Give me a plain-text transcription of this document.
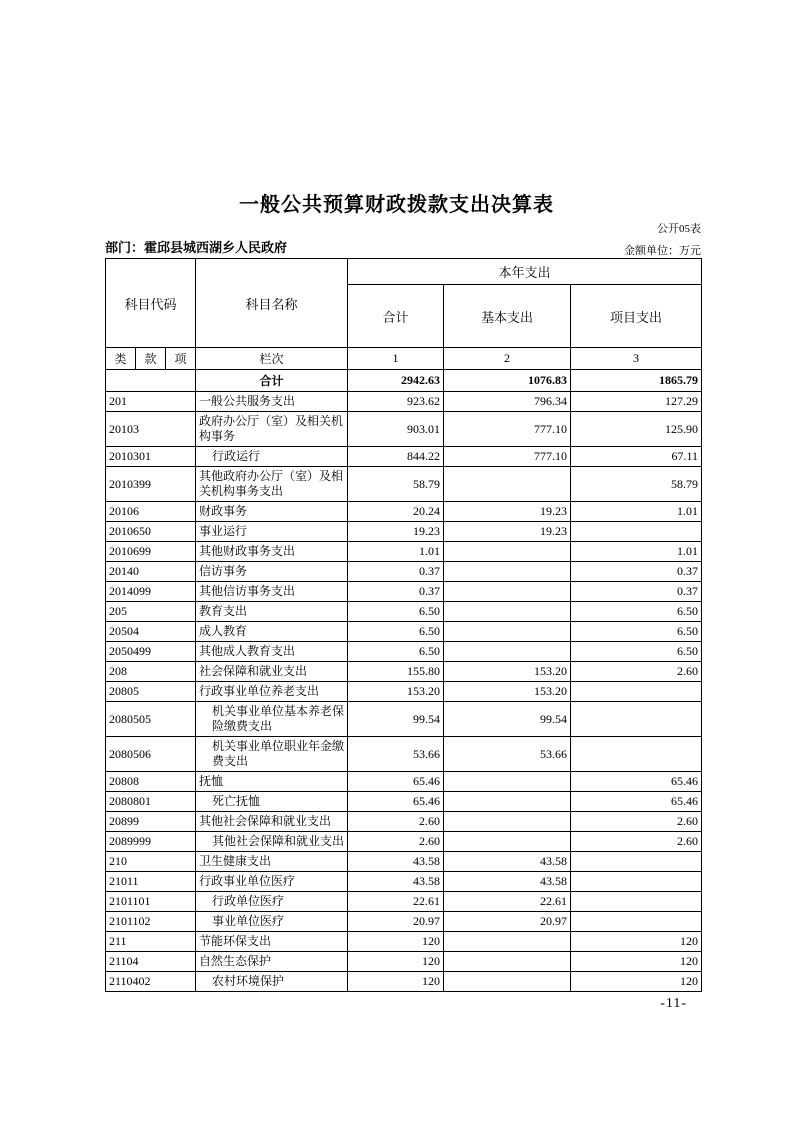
一般公共预算财政拨款支出决算表
公开05表
部门：霍邱县城西湖乡人民政府	金额单位：万元
科目代码			科目名称	本年支出		
				合计	基本支出	项目支出
类	款	项	栏次	1	2	3
			合计	2942.63	1076.83	1865.79
201			一般公共服务支出	923.62	796.34	127.29
20103			政府办公厅（室）及相关机构事务	903.01	777.10	125.90
2010301			行政运行	844.22	777.10	67.11
2010399			其他政府办公厅（室）及相关机构事务支出	58.79		58.79
20106			财政事务	20.24	19.23	1.01
2010650			事业运行	19.23	19.23	
2010699			其他财政事务支出	1.01		1.01
20140			信访事务	0.37		0.37
2014099			其他信访事务支出	0.37		0.37
205			教育支出	6.50		6.50
20504			成人教育	6.50		6.50
2050499			其他成人教育支出	6.50		6.50
208			社会保障和就业支出	155.80	153.20	2.60
20805			行政事业单位养老支出	153.20	153.20	
2080505			机关事业单位基本养老保险缴费支出	99.54	99.54	
2080506			机关事业单位职业年金缴费支出	53.66	53.66	
20808			抚恤	65.46		65.46
2080801			死亡抚恤	65.46		65.46
20899			其他社会保障和就业支出	2.60		2.60
2089999			其他社会保障和就业支出	2.60		2.60
210			卫生健康支出	43.58	43.58	
21011			行政事业单位医疗	43.58	43.58	
2101101			行政单位医疗	22.61	22.61	
2101102			事业单位医疗	20.97	20.97	
211			节能环保支出	120		120
21104			自然生态保护	120		120
2110402			农村环境保护	120		120
-11-
